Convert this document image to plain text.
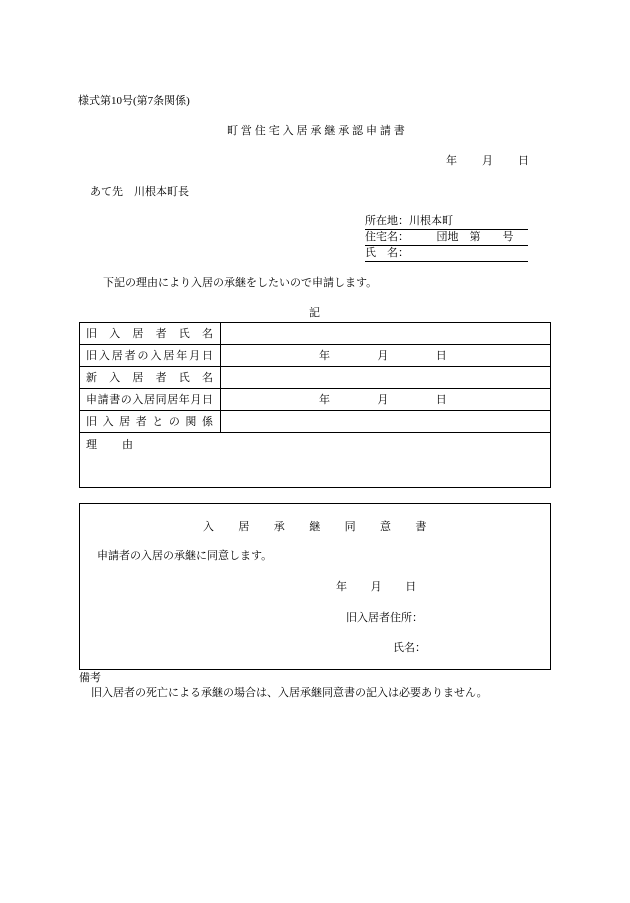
様式第10号(第7条関係)
町営住宅入居承継承認申請書
年　月　日
あて先　川根本町長
所在地：川根本町
住宅名：　　　団地　第　　号
氏　名：
下記の理由により入居の承継をしたいので申請します。
記
旧 入 居 者 氏 名	
旧入居者の入居年月日	年　月　日
新 入 居 者 氏 名	
申請書の入居同居年月日	年　月　日
旧 入 居 者 と の 関 係	
理　由	
入　居　承　継　同　意　書
申請者の入居の承継に同意します。
年　月　日
旧入居者住所：
氏名：
備考
旧入居者の死亡による承継の場合は、入居承継同意書の記入は必要ありません。
